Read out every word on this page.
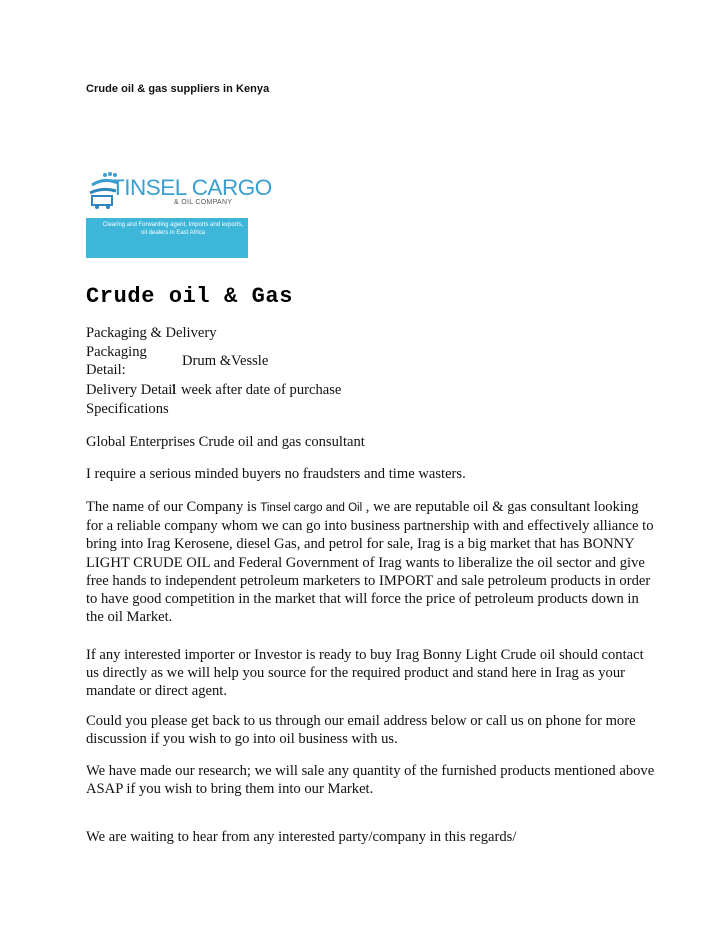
Crude oil & gas suppliers in Kenya
TINSEL CARGO
& OIL COMPANY
Clearing and Forwarding agent, Imports and exports, oil dealers in East Africa
Crude oil & Gas
Packaging & Delivery
Packaging Detail:
Drum &Vessle
Delivery Detail
1 week after date of purchase
Specifications
Global Enterprises Crude oil and gas consultant
I require a serious minded buyers no fraudsters and time wasters.
The name of our Company is Tinsel cargo and Oil , we are reputable oil & gas consultant looking for a reliable company whom we can go into business partnership with and effectively alliance to bring into Irag Kerosene, diesel Gas, and petrol for sale, Irag is a big market that has BONNY LIGHT CRUDE OIL and Federal Government of Irag wants to liberalize the oil sector and give free hands to independent petroleum marketers to IMPORT and sale petroleum products in order to have good competition in the market that will force the price of petroleum products down in the oil Market.
If any interested importer or Investor is ready to buy Irag Bonny Light Crude oil should contact us directly as we will help you source for the required product and stand here in Irag as your mandate or direct agent.
Could you please get back to us through our email address below or call us on phone for more discussion if you wish to go into oil business with us.
We have made our research; we will sale any quantity of the furnished products mentioned above ASAP if you wish to bring them into our Market.
We are waiting to hear from any interested party/company in this regards/
